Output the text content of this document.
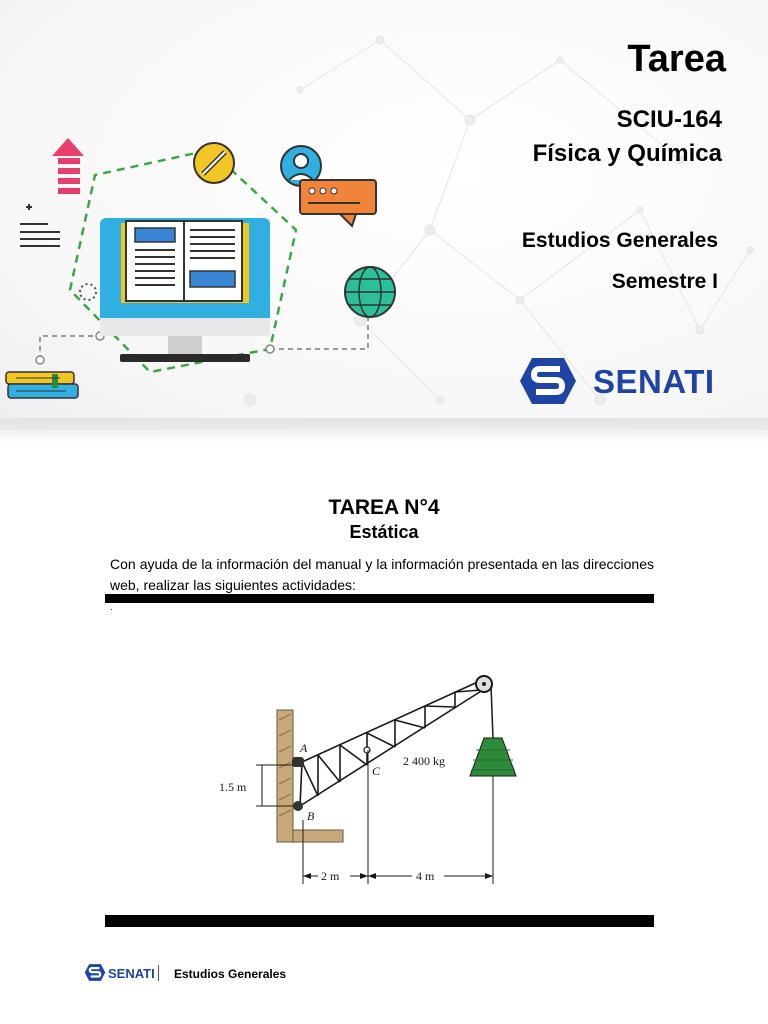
Tarea
SCIU-164
Física y Química
Estudios Generales
Semestre I
SENATI
TAREA N°4
Estática
Con ayuda de la información del manual y la información presentada en las direcciones web, realizar las siguientes actividades:
·
A
B
C
2 400 kg
1.5 m
2 m	4 m
SENATI Estudios Generales
